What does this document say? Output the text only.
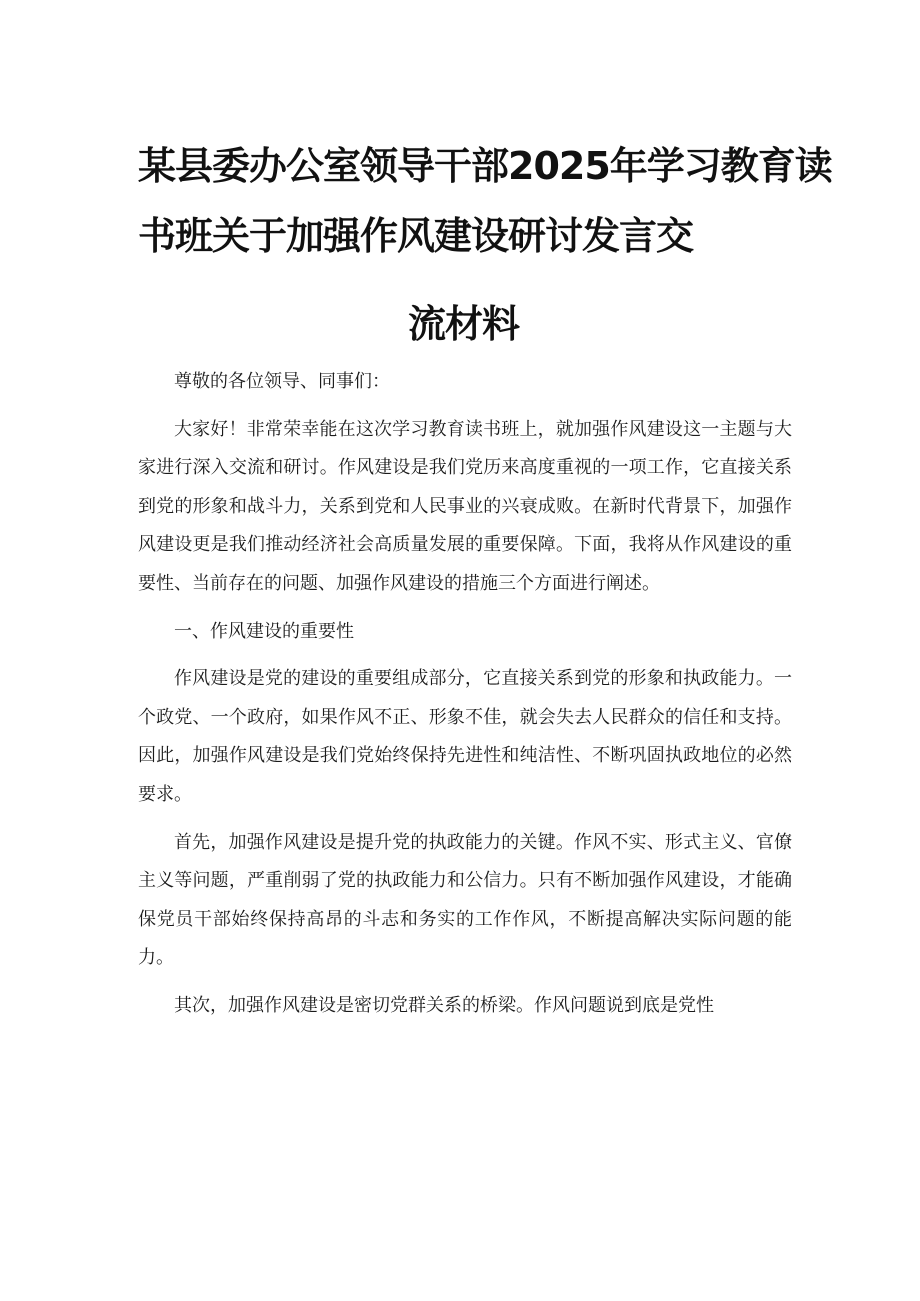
某县委办公室领导干部2025年学习教育读
书班关于加强作风建设研讨发言交
流材料

尊敬的各位领导、同事们：

大家好！非常荣幸能在这次学习教育读书班上，就加强作风建设这一主题与大家进行深入交流和研讨。作风建设是我们党历来高度重视的一项工作，它直接关系到党的形象和战斗力，关系到党和人民事业的兴衰成败。在新时代背景下，加强作风建设更是我们推动经济社会高质量发展的重要保障。下面，我将从作风建设的重要性、当前存在的问题、加强作风建设的措施三个方面进行阐述。

一、作风建设的重要性

作风建设是党的建设的重要组成部分，它直接关系到党的形象和执政能力。一个政党、一个政府，如果作风不正、形象不佳，就会失去人民群众的信任和支持。因此，加强作风建设是我们党始终保持先进性和纯洁性、不断巩固执政地位的必然要求。

首先，加强作风建设是提升党的执政能力的关键。作风不实、形式主义、官僚主义等问题，严重削弱了党的执政能力和公信力。只有不断加强作风建设，才能确保党员干部始终保持高昂的斗志和务实的工作作风，不断提高解决实际问题的能力。

其次，加强作风建设是密切党群关系的桥梁。作风问题说到底是党性
